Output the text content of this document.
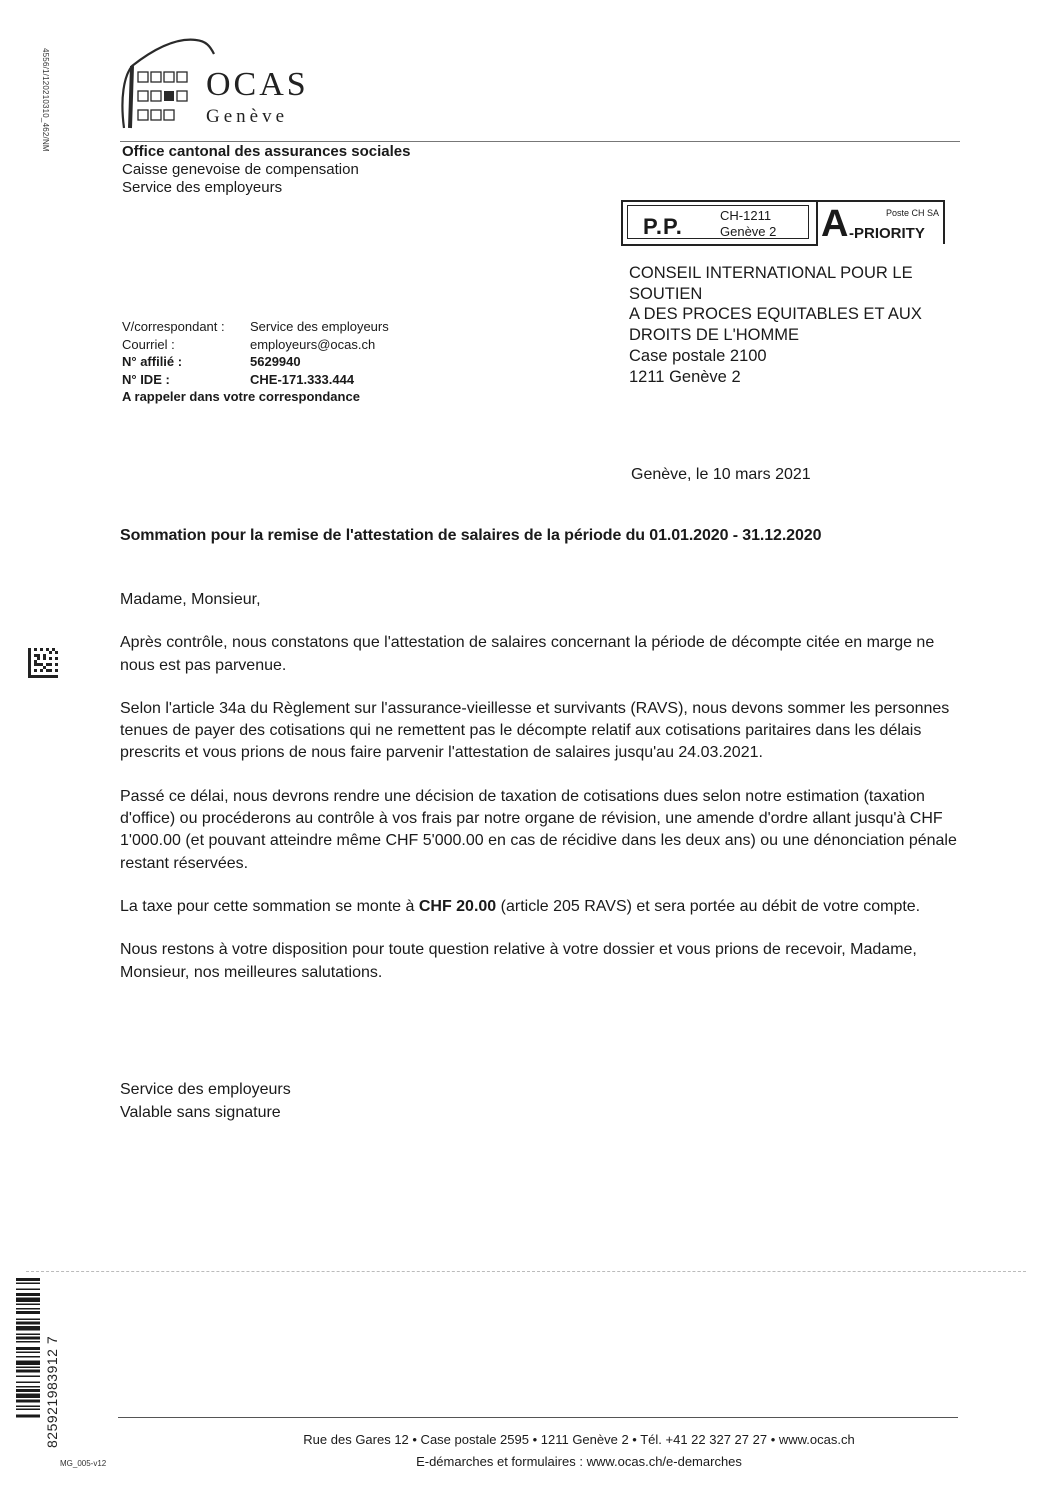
4556/1/120210310_462/NM	OCAS
Genève
Office cantonal des assurances sociales
Caisse genevoise de compensation
Service des employeurs
P.P.	CH-1211
Genève 2 A -PRIORITY
Poste CH SA
CONSEIL INTERNATIONAL POUR LE
SOUTIEN
A DES PROCES EQUITABLES ET AUX
DROITS DE L'HOMME
Case postale 2100
1211 Genève 2
V/correspondant :	Service des employeurs
Courriel :	employeurs@ocas.ch
N° affilié :	5629940
N° IDE :	CHE-171.333.444
A rappeler dans votre correspondance
Genève, le 10 mars 2021
Sommation pour la remise de l'attestation de salaires de la période du 01.01.2020 - 31.12.2020

Madame, Monsieur,

Après contrôle, nous constatons que l'attestation de salaires concernant la période de décompte citée en marge ne nous est pas parvenue.

Selon l'article 34a du Règlement sur l'assurance-vieillesse et survivants (RAVS), nous devons sommer les personnes tenues de payer des cotisations qui ne remettent pas le décompte relatif aux cotisations paritaires dans les délais prescrits et vous prions de nous faire parvenir l'attestation de salaires jusqu'au 24.03.2021.

Passé ce délai, nous devrons rendre une décision de taxation de cotisations dues selon notre estimation (taxation d'office) ou procéderons au contrôle à vos frais par notre organe de révision, une amende d'ordre allant jusqu'à CHF 1'000.00 (et pouvant atteindre même CHF 5'000.00 en cas de récidive dans les deux ans) ou une dénonciation pénale restant réservées.

La taxe pour cette sommation se monte à CHF 20.00 (article 205 RAVS) et sera portée au débit de votre compte.

Nous restons à votre disposition pour toute question relative à votre dossier et vous prions de recevoir, Madame, Monsieur, nos meilleures salutations.

Service des employeurs
Valable sans signature
825921983912 7	Rue des Gares 12 • Case postale 2595 • 1211 Genève 2 • Tél. +41 22 327 27 27 • www.ocas.ch
E-démarches et formulaires : www.ocas.ch/e-demarches
MG_005-v12
